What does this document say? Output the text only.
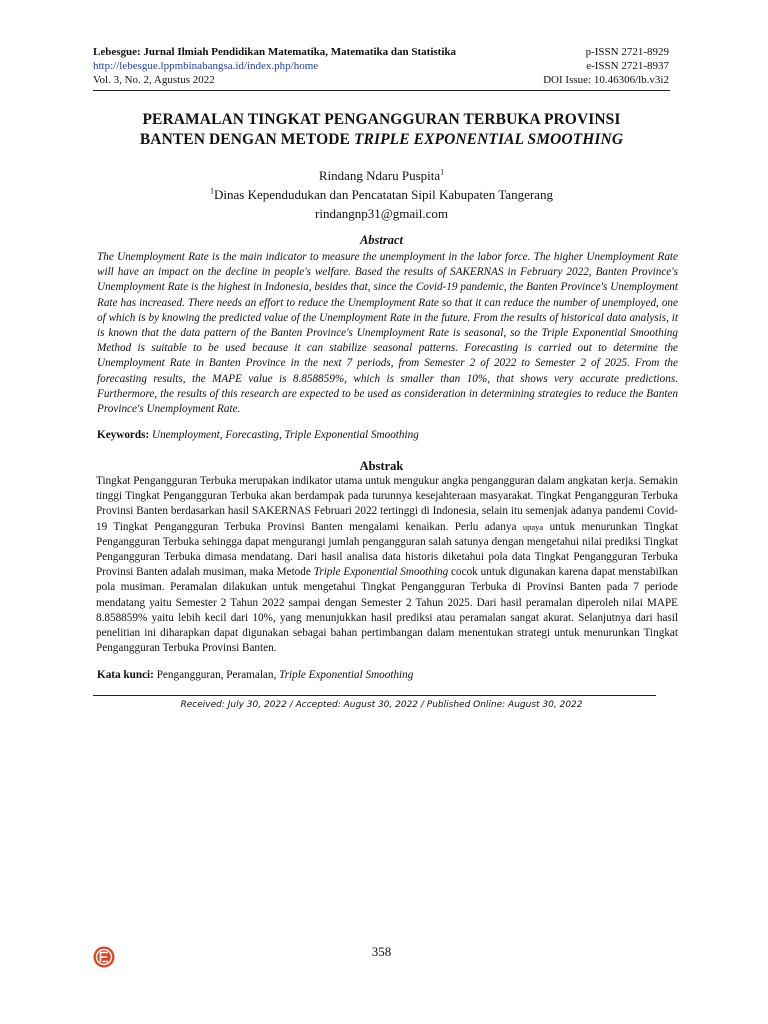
Lebesgue: Jurnal Ilmiah Pendidikan Matematika, Matematika dan Statistika
http://lebesgue.lppmbinabangsa.id/index.php/home
Vol. 3, No. 2, Agustus 2022
p-ISSN 2721-8929
e-ISSN 2721-8937
DOI Issue: 10.46306/lb.v3i2
PERAMALAN TINGKAT PENGANGGURAN TERBUKA PROVINSI
BANTEN DENGAN METODE TRIPLE EXPONENTIAL SMOOTHING
Rindang Ndaru Puspita$^1$
$^1$Dinas Kependudukan dan Pencatatan Sipil Kabupaten Tangerang
rindangnp31@gmail.com
Abstract
The Unemployment Rate is the main indicator to measure the unemployment in the labor force. The higher Unemployment Rate will have an impact on the decline in people's welfare. Based the results of SAKERNAS in February 2022, Banten Province's Unemployment Rate is the highest in Indonesia, besides that, since the Covid-19 pandemic, the Banten Province's Unemployment Rate has increased. There needs an effort to reduce the Unemployment Rate so that it can reduce the number of unemployed, one of which is by knowing the predicted value of the Unemployment Rate in the future. From the results of historical data analysis, it is known that the data pattern of the Banten Province's Unemployment Rate is seasonal, so the Triple Exponential Smoothing Method is suitable to be used because it can stabilize seasonal patterns. Forecasting is carried out to determine the Unemployment Rate in Banten Province in the next 7 periods, from Semester 2 of 2022 to Semester 2 of 2025. From the forecasting results, the MAPE value is 8.858859%, which is smaller than 10%, that shows very accurate predictions. Furthermore, the results of this research are expected to be used as consideration in determining strategies to reduce the Banten Province's Unemployment Rate.
Keywords: Unemployment, Forecasting, Triple Exponential Smoothing
Abstrak
Tingkat Pengangguran Terbuka merupakan indikator utama untuk mengukur angka pengangguran dalam angkatan kerja. Semakin tinggi Tingkat Pengangguran Terbuka akan berdampak pada turunnya kesejahteraan masyarakat. Tingkat Pengangguran Terbuka Provinsi Banten berdasarkan hasil SAKERNAS Februari 2022 tertinggi di Indonesia, selain itu semenjak adanya pandemi Covid-19 Tingkat Pengangguran Terbuka Provinsi Banten mengalami kenaikan. Perlu adanya upaya untuk menurunkan Tingkat Pengangguran Terbuka sehingga dapat mengurangi jumlah pengangguran salah satunya dengan mengetahui nilai prediksi Tingkat Pengangguran Terbuka dimasa mendatang. Dari hasil analisa data historis diketahui pola data Tingkat Pengangguran Terbuka Provinsi Banten adalah musiman, maka Metode Triple Exponential Smoothing cocok untuk digunakan karena dapat menstabilkan pola musiman. Peramalan dilakukan untuk mengetahui Tingkat Pengangguran Terbuka di Provinsi Banten pada 7 periode mendatang yaitu Semester 2 Tahun 2022 sampai dengan Semester 2 Tahun 2025. Dari hasil peramalan diperoleh nilai MAPE 8.858859% yaitu lebih kecil dari 10%, yang menunjukkan hasil prediksi atau peramalan sangat akurat. Selanjutnya dari hasil penelitian ini diharapkan dapat digunakan sebagai bahan pertimbangan dalam menentukan strategi untuk menurunkan Tingkat Pengangguran Terbuka Provinsi Banten.
Kata kunci: Pengangguran, Peramalan, Triple Exponential Smoothing
Received: July 30, 2022 / Accepted: August 30, 2022 / Published Online: August 30, 2022
358
